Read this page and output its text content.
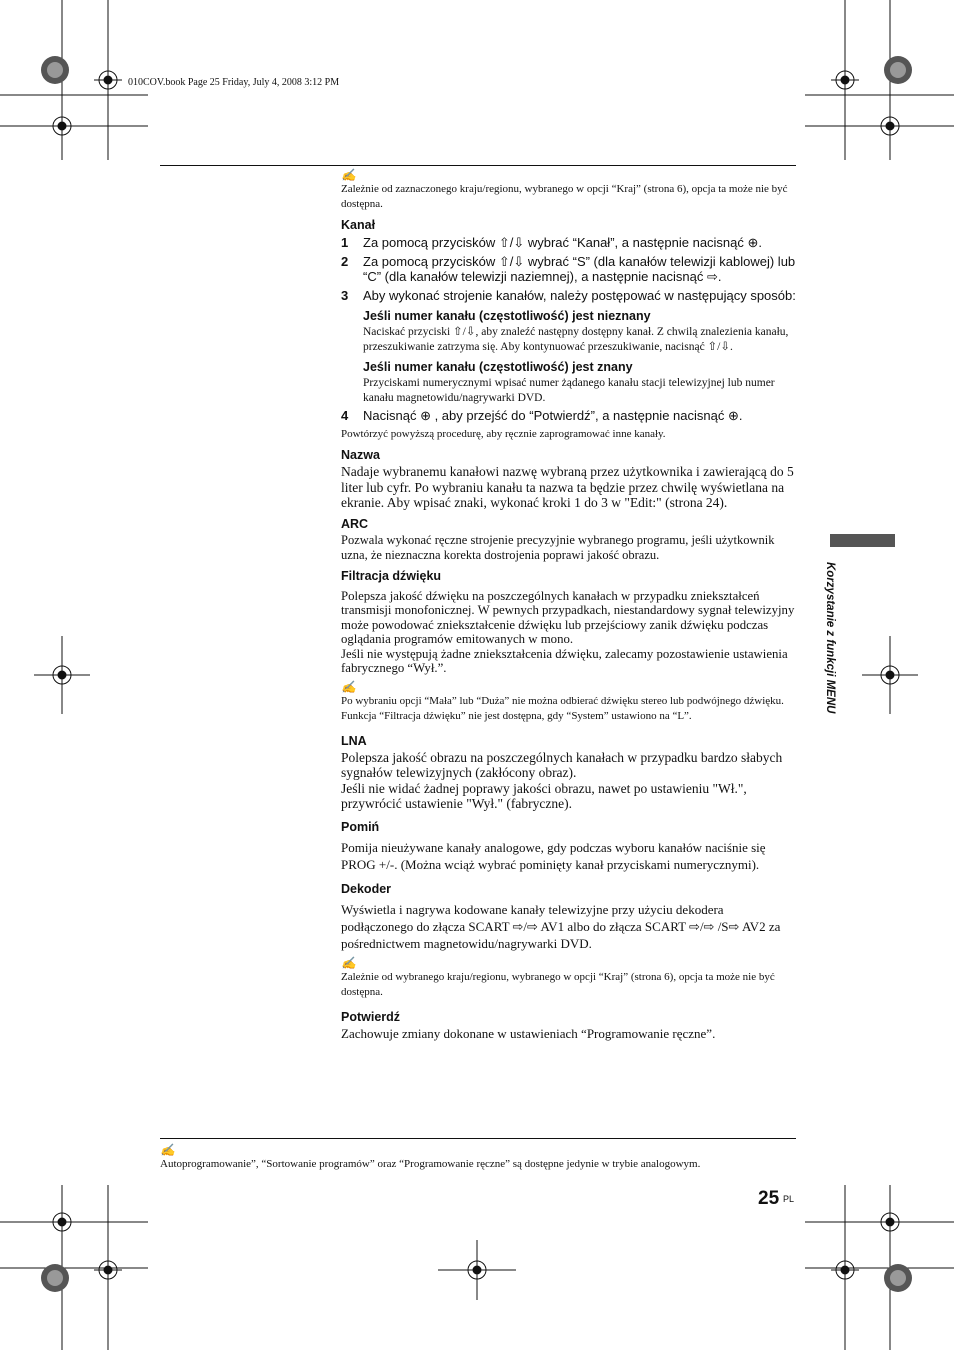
010COV.book Page 25 Friday, July 4, 2008 3:12 PM
✍

Zależnie od zaznaczonego kraju/regionu, wybranego w opcji “Kraj” (strona 6), opcja ta może nie być dostępna.

Kanał
1 Za pomocą przycisków ⇧/⇩ wybrać “Kanał”, a następnie nacisnąć ⊕.
2 Za pomocą przycisków ⇧/⇩ wybrać “S” (dla kanałów telewizji kablowej) lub “C” (dla kanałów telewizji naziemnej), a następnie nacisnąć ⇨.
3 Aby wykonać strojenie kanałów, należy postępować w następujący sposób:
Jeśli numer kanału (częstotliwość) jest nieznany

Naciskać przyciski ⇧/⇩, aby znaleźć następny dostępny kanał. Z chwilą znalezienia kanału, przeszukiwanie zatrzyma się. Aby kontynuować przeszukiwanie, nacisnąć ⇧/⇩.

Jeśli numer kanału (częstotliwość) jest znany

Przyciskami numerycznymi wpisać numer żądanego kanału stacji telewizyjnej lub numer kanału magnetowidu/nagrywarki DVD.

4 Nacisnąć ⊕ , aby przejść do “Potwierdź”, a następnie nacisnąć ⊕.

Powtórzyć powyższą procedurę, aby ręcznie zaprogramować inne kanały.

Nazwa

Nadaje wybranemu kanałowi nazwę wybraną przez użytkownika i zawierającą do 5 liter lub cyfr. Po wybraniu kanału ta nazwa ta będzie przez chwilę wyświetlana na ekranie. Aby wpisać znaki, wykonać kroki 1 do 3 w "Edit:" (strona 24).

ARC

Pozwala wykonać ręczne strojenie precyzyjnie wybranego programu, jeśli użytkownik uzna, że nieznaczna korekta dostrojenia poprawi jakość obrazu.

Filtracja dźwięku

Polepsza jakość dźwięku na poszczególnych kanałach w przypadku zniekształceń transmisji monofonicznej. W pewnych przypadkach, niestandardowy sygnał telewizyjny może powodować zniekształcenie dźwięku lub przejściowy zanik dźwięku podczas oglądania programów emitowanych w mono.

Jeśli nie występują żadne zniekształcenia dźwięku, zalecamy pozostawienie ustawienia fabrycznego “Wył.”.

✍

Po wybraniu opcji “Mała” lub “Duża” nie można odbierać dźwięku stereo lub podwójnego dźwięku.

Funkcja “Filtracja dźwięku” nie jest dostępna, gdy “System” ustawiono na “L”.

LNA

Polepsza jakość obrazu na poszczególnych kanałach w przypadku bardzo słabych sygnałów telewizyjnych (zakłócony obraz).

Jeśli nie widać żadnej poprawy jakości obrazu, nawet po ustawieniu "Wł.", przywrócić ustawienie "Wył." (fabryczne).

Pomiń

Pomija nieużywane kanały analogowe, gdy podczas wyboru kanałów naciśnie się PROG +/-. (Można wciąż wybrać pominięty kanał przyciskami numerycznymi).

Dekoder

Wyświetla i nagrywa kodowane kanały telewizyjne przy użyciu dekodera podłączonego do złącza SCART ⇨/⇨ AV1 albo do złącza SCART ⇨/⇨ /S⇨ AV2 za pośrednictwem magnetowidu/nagrywarki DVD.

✍

Zależnie od wybranego kraju/regionu, wybranego w opcji “Kraj” (strona 6), opcja ta może nie być dostępna.

Potwierdź

Zachowuje zmiany dokonane w ustawieniach “Programowanie ręczne”.

✍

Autoprogramowanie”, “Sortowanie programów” oraz “Programowanie ręczne” są dostępne jedynie w trybie analogowym.

Korzystanie z funkcji MENU
25 PL
